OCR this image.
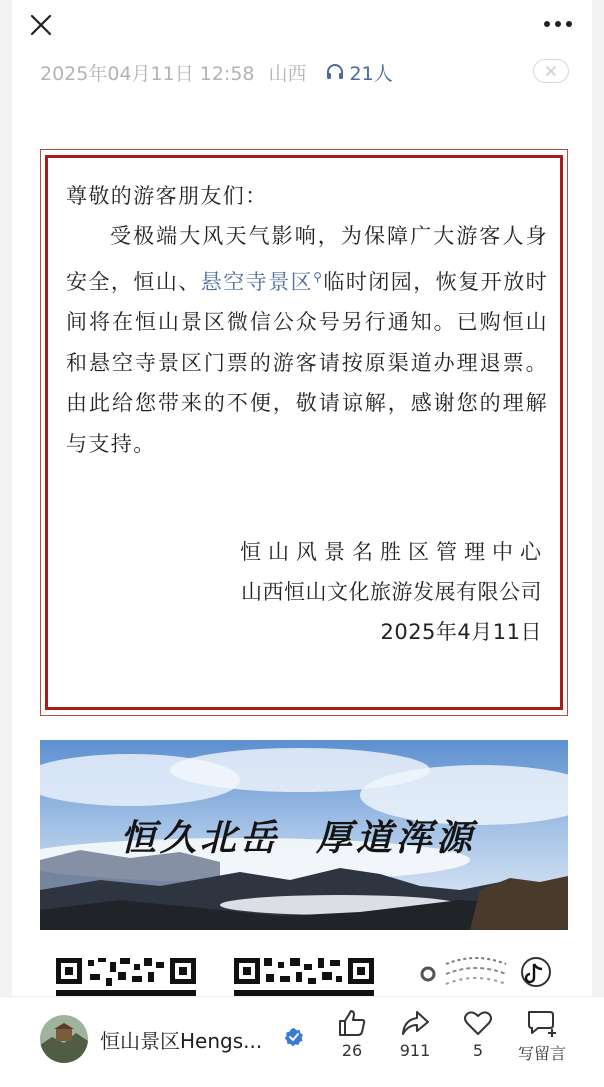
2025年04月11日 12:58 山西 21人
尊敬的游客朋友们：

受极端大风天气影响，为保障广大游客人身安全，恒山、悬空寺景区⚲临时闭园，恢复开放时间将在恒山景区微信公众号另行通知。已购恒山和悬空寺景区门票的游客请按原渠道办理退票。由此给您带来的不便，敬请谅解，感谢您的理解与支持。

恒山风景名胜区管理中心
山西恒山文化旅游发展有限公司
2025年4月11日
恒久北岳 厚道浑源
恒山景区Hengs...	26	911	5	写留言
